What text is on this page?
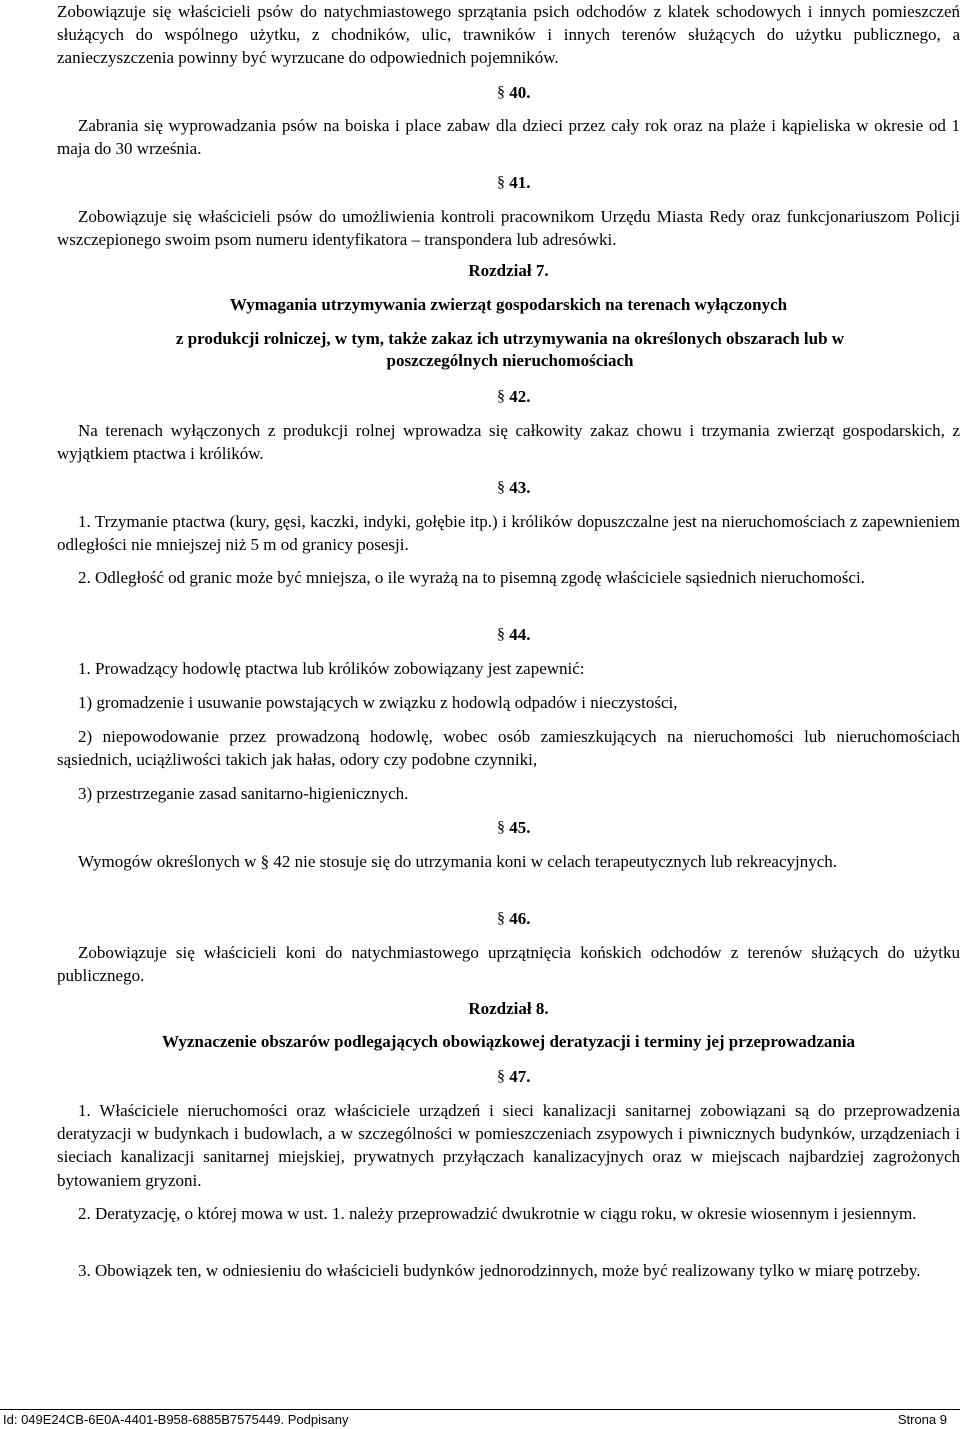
Zobowiązuje się właścicieli psów do natychmiastowego sprzątania psich odchodów z klatek schodowych i innych pomieszczeń służących do wspólnego użytku, z chodników, ulic, trawników i innych terenów służących do użytku publicznego, a zanieczyszczenia powinny być wyrzucane do odpowiednich pojemników.

§ 40.

Zabrania się wyprowadzania psów na boiska i place zabaw dla dzieci przez cały rok oraz na plaże i kąpieliska w okresie od 1 maja do 30 września.

§ 41.

Zobowiązuje się właścicieli psów do umożliwienia kontroli pracownikom Urzędu Miasta Redy oraz funkcjonariuszom Policji wszczepionego swoim psom numeru identyfikatora – transpondera lub adresówki.

Rozdział 7.

Wymagania utrzymywania zwierząt gospodarskich na terenach wyłączonych

z produkcji rolniczej, w tym, także zakaz ich utrzymywania na określonych obszarach lub w poszczególnych nieruchomościach

§ 42.

Na terenach wyłączonych z produkcji rolnej wprowadza się całkowity zakaz chowu i trzymania zwierząt gospodarskich, z wyjątkiem ptactwa i królików.

§ 43.

1. Trzymanie ptactwa (kury, gęsi, kaczki, indyki, gołębie itp.) i królików dopuszczalne jest na nieruchomościach z zapewnieniem odległości nie mniejszej niż 5 m od granicy posesji.

2. Odległość od granic może być mniejsza, o ile wyrażą na to pisemną zgodę właściciele sąsiednich nieruchomości.

§ 44.

1. Prowadzący hodowlę ptactwa lub królików zobowiązany jest zapewnić:

1) gromadzenie i usuwanie powstających w związku z hodowlą odpadów i nieczystości,

2) niepowodowanie przez prowadzoną hodowlę, wobec osób zamieszkujących na nieruchomości lub nieruchomościach sąsiednich, uciążliwości takich jak hałas, odory czy podobne czynniki,

3) przestrzeganie zasad sanitarno-higienicznych.

§ 45.

Wymogów określonych w § 42 nie stosuje się do utrzymania koni w celach terapeutycznych lub rekreacyjnych.

§ 46.

Zobowiązuje się właścicieli koni do natychmiastowego uprzątnięcia końskich odchodów z terenów służących do użytku publicznego.

Rozdział 8.

Wyznaczenie obszarów podlegających obowiązkowej deratyzacji i terminy jej przeprowadzania

§ 47.

1. Właściciele nieruchomości oraz właściciele urządzeń i sieci kanalizacji sanitarnej zobowiązani są do przeprowadzenia deratyzacji w budynkach i budowlach, a w szczególności w pomieszczeniach zsypowych i piwnicznych budynków, urządzeniach i sieciach kanalizacji sanitarnej miejskiej, prywatnych przyłączach kanalizacyjnych oraz w miejscach najbardziej zagrożonych bytowaniem gryzoni.

2. Deratyzację, o której mowa w ust. 1. należy przeprowadzić dwukrotnie w ciągu roku, w okresie wiosennym i jesiennym.

3. Obowiązek ten, w odniesieniu do właścicieli budynków jednorodzinnych, może być realizowany tylko w miarę potrzeby.

Id: 049E24CB-6E0A-4401-B958-6885B7575449. Podpisany	Strona 9
